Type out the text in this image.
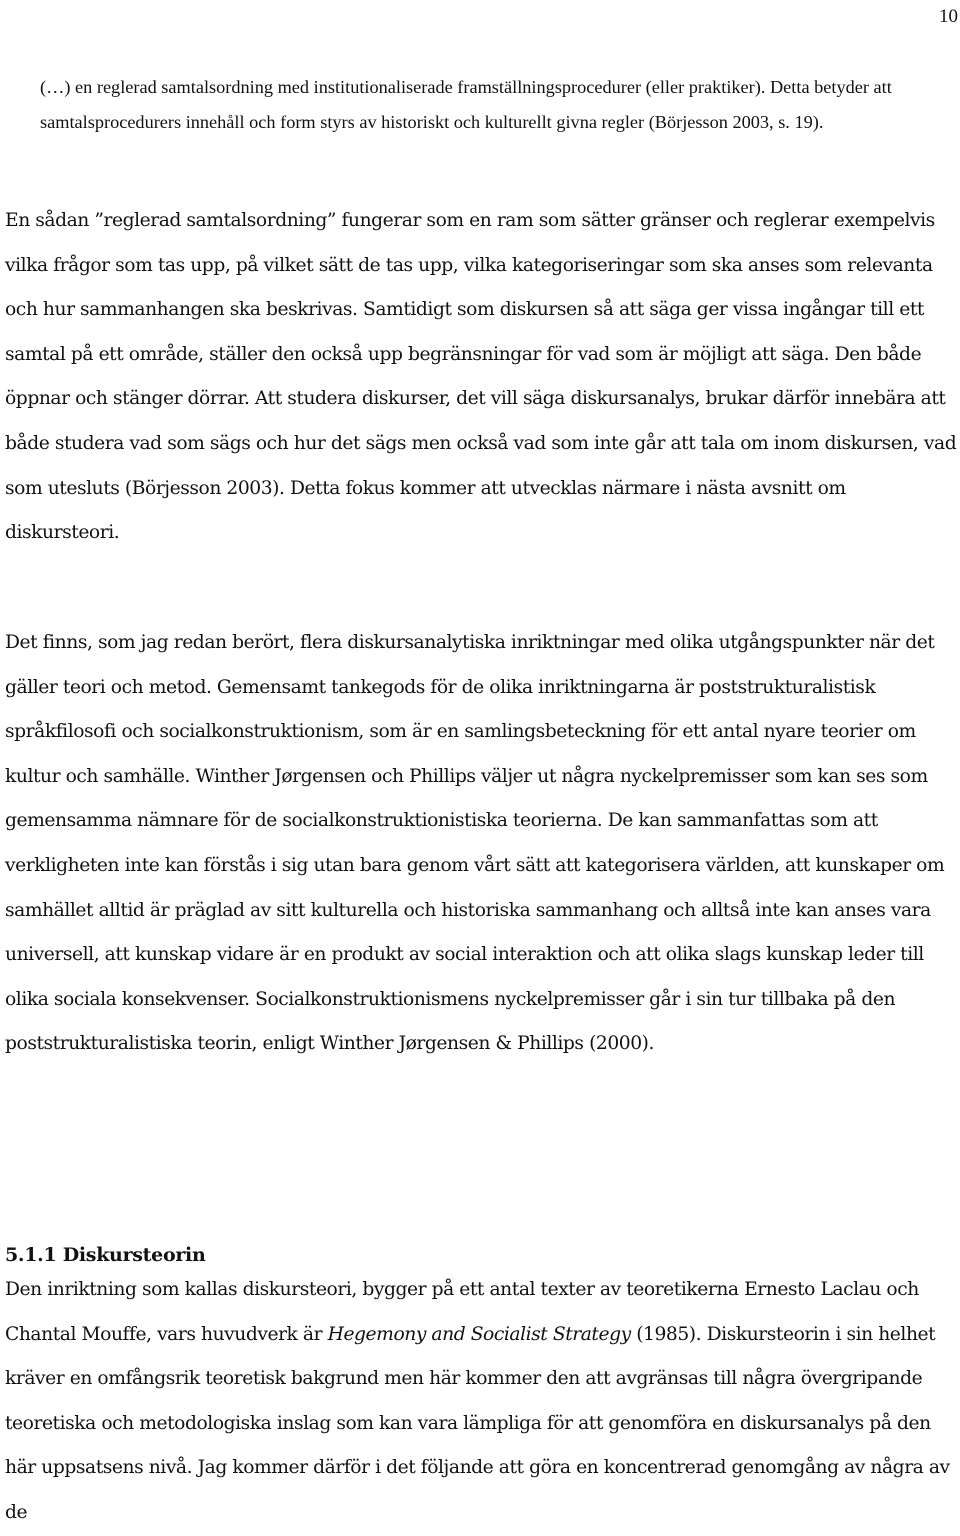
10

(…) en reglerad samtalsordning med institutionaliserade framställningsprocedurer (eller praktiker). Detta betyder att samtalsprocedurers innehåll och form styrs av historiskt och kulturellt givna regler (Börjesson 2003, s. 19).

En sådan ”reglerad samtalsordning” fungerar som en ram som sätter gränser och reglerar exempelvis vilka frågor som tas upp, på vilket sätt de tas upp, vilka kategoriseringar som ska anses som relevanta och hur sammanhangen ska beskrivas. Samtidigt som diskursen så att säga ger vissa ingångar till ett samtal på ett område, ställer den också upp begränsningar för vad som är möjligt att säga. Den både öppnar och stänger dörrar. Att studera diskurser, det vill säga diskursanalys, brukar därför innebära att både studera vad som sägs och hur det sägs men också vad som inte går att tala om inom diskursen, vad som utesluts (Börjesson 2003). Detta fokus kommer att utvecklas närmare i nästa avsnitt om diskursteori.

Det finns, som jag redan berört, flera diskursanalytiska inriktningar med olika utgångspunkter när det gäller teori och metod. Gemensamt tankegods för de olika inriktningarna är poststrukturalistisk språkfilosofi och socialkonstruktionism, som är en samlingsbeteckning för ett antal nyare teorier om kultur och samhälle. Winther Jørgensen och Phillips väljer ut några nyckelpremisser som kan ses som gemensamma nämnare för de socialkonstruktionistiska teorierna. De kan sammanfattas som att verkligheten inte kan förstås i sig utan bara genom vårt sätt att kategorisera världen, att kunskaper om samhället alltid är präglad av sitt kulturella och historiska sammanhang och alltså inte kan anses vara universell, att kunskap vidare är en produkt av social interaktion och att olika slags kunskap leder till olika sociala konsekvenser. Socialkonstruktionismens nyckelpremisser går i sin tur tillbaka på den poststrukturalistiska teorin, enligt Winther Jørgensen & Phillips (2000).

5.1.1 Diskursteorin

Den inriktning som kallas diskursteori, bygger på ett antal texter av teoretikerna Ernesto Laclau och Chantal Mouffe, vars huvudverk är Hegemony and Socialist Strategy (1985). Diskursteorin i sin helhet kräver en omfångsrik teoretisk bakgrund men här kommer den att avgränsas till några övergripande teoretiska och metodologiska inslag som kan vara lämpliga för att genomföra en diskursanalys på den här uppsatsens nivå. Jag kommer därför i det följande att göra en koncentrerad genomgång av några av de
